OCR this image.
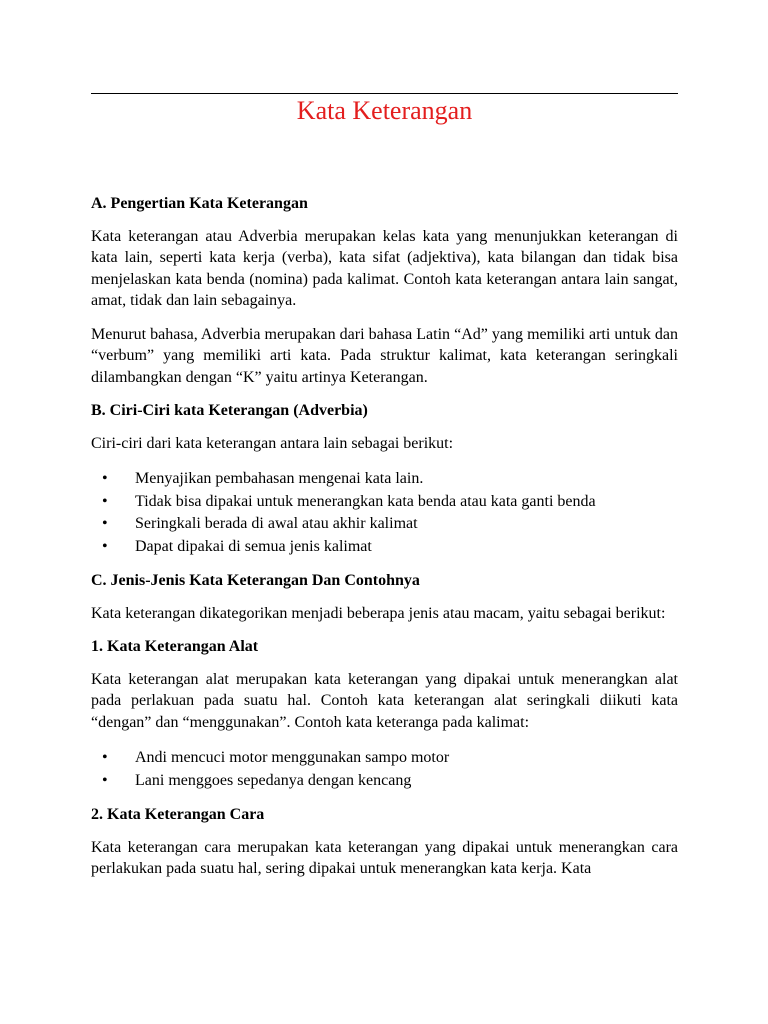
Kata Keterangan
A. Pengertian Kata Keterangan

Kata keterangan atau Adverbia merupakan kelas kata yang menunjukkan keterangan di kata lain, seperti kata kerja (verba), kata sifat (adjektiva), kata bilangan dan tidak bisa menjelaskan kata benda (nomina) pada kalimat. Contoh kata keterangan antara lain sangat, amat, tidak dan lain sebagainya.

Menurut bahasa, Adverbia merupakan dari bahasa Latin “Ad” yang memiliki arti untuk dan “verbum” yang memiliki arti kata. Pada struktur kalimat, kata keterangan seringkali dilambangkan dengan “K” yaitu artinya Keterangan.

B. Ciri-Ciri kata Keterangan (Adverbia)

Ciri-ciri dari kata keterangan antara lain sebagai berikut:

• Menyajikan pembahasan mengenai kata lain.
• Tidak bisa dipakai untuk menerangkan kata benda atau kata ganti benda
• Seringkali berada di awal atau akhir kalimat
• Dapat dipakai di semua jenis kalimat
C. Jenis-Jenis Kata Keterangan Dan Contohnya

Kata keterangan dikategorikan menjadi beberapa jenis atau macam, yaitu sebagai berikut:

1. Kata Keterangan Alat

Kata keterangan alat merupakan kata keterangan yang dipakai untuk menerangkan alat pada perlakuan pada suatu hal. Contoh kata keterangan alat seringkali diikuti kata “dengan” dan “menggunakan”. Contoh kata keteranga pada kalimat:

• Andi mencuci motor menggunakan sampo motor
• Lani menggoes sepedanya dengan kencang
2. Kata Keterangan Cara

Kata keterangan cara merupakan kata keterangan yang dipakai untuk menerangkan cara perlakukan pada suatu hal, sering dipakai untuk menerangkan kata kerja. Kata
